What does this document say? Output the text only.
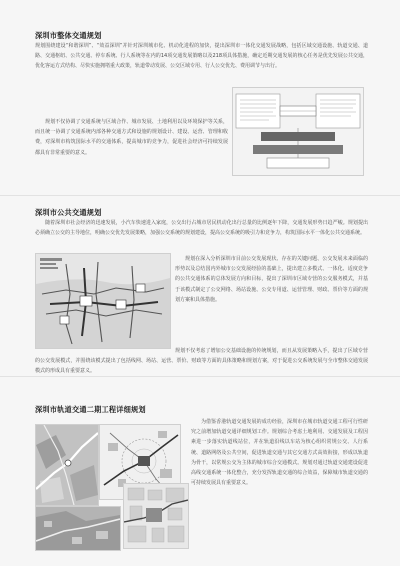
深圳市整体交通规划

规划围绕建设“和谐深圳”、“效益深圳”并针对深圳城市化、机动化进程的加快，提出深圳市一体化交通发展战略，包括区域交通设施、轨道交通、道路、交通枢纽、公共交通、停车系统、行人系统等在内的14项交通发展策略以及218项具体措施，确定近期交通发展的核心任务是优先发展公共交通，优化客运方式结构、尽快实施拥堵重大政策，轨道带动发展、公交区域专用、行人公交优先、费用调节与出行。

规划不仅协调了交通系统与区域合作、城市发展、土地利用以及环境保护等关系，而且统一协调了交通系统内部各种交通方式和设施的规划设计、建设、运营、管理和收费，对深圳市构筑国际水平的交通体系，提高城市的竞争力，促进社会经济可持续发展都具有非常重要的意义。

深圳市公共交通规划

随着深圳市社会经济的迅速发展，小汽车快速进入家庭，公交出行占城市居民机动化出行总量的比例逐年下降，交通发展形势日趋严峻。规划提出必须确立公交的主导地位，明确公交优先发展策略，加强公交系统的规划建设，提高公交系统的吸引力和竞争力，构筑国际水平一体化公共交通系统。

规划在深入分析深圳市目前公交发展现状、存在的关键问题、公交发展未来面临的形势以及总结国内外城市公交发展经验的基础上，提出建立多模式、一体化、适度竞争的公共交通体系的总体发展方向和目标，提出了深圳市区域专营的公交服务模式，并基于该模式制定了公交网络、场站设施、公交专用道、运营管理、财政、票价等方面的规划方案和具体措施。

规划不仅考虑了增加公交基础设施的传统规划，而且从发展策略入手，提出了区域专营的公交发展模式，并围绕该模式提出了包括线网、场站、运营、票价、财政等方面的具体策略和规划方案，对于促进公交系统发展与全市整体交通发展模式的形成具有重要意义。

深圳市轨道交通二期工程详细规划

为借鉴香港轨道交通发展的成功经验，深圳市在城市轨道交通工程可行性研究之前增加轨道交通详细规划工作。规划综合考虑土地利用、交通发展及工程因素进一步落实轨道线站位，并在轨道沿线以车站为核心组织常规公交、人行系统、道路网络及公共空间，促进轨道交通与其它交通方式高效衔接，形成以轨道为骨干，以常规公交为主体的城市综合交通模式。规划对通过轨道交通建设促进高线交通系统一体化整合，充分发挥轨道交通的综合效益，保障城市轨道交通的可持续发展具有重要意义。
